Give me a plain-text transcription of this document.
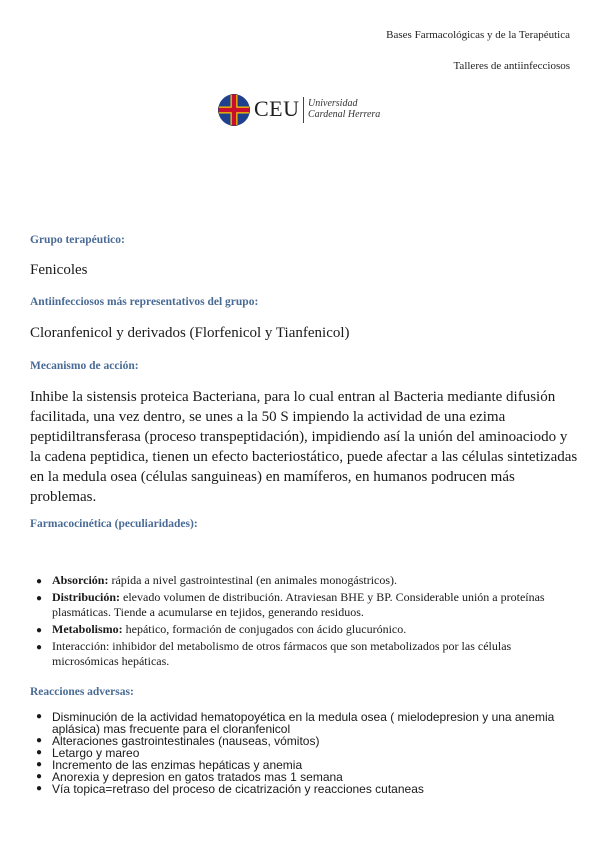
Bases Farmacológicas y de la Terapéutica
Talleres de antiinfecciosos
CEU Universidad
Cardenal Herrera
Grupo terapéutico:
Fenicoles
Antiinfecciosos más representativos del grupo:
Cloranfenicol y derivados (Florfenicol y Tianfenicol)
Mecanismo de acción:
Inhibe la sistensis proteica Bacteriana, para lo cual entran al Bacteria mediante difusión facilitada, una vez dentro, se unes a la 50 S impiendo la actividad de una ezima peptidiltransferasa (proceso transpeptidación), impidiendo así la unión del aminoaciodo y la cadena peptidica, tienen un efecto bacteriostático, puede afectar a las células sintetizadas en la medula osea (células sanguineas) en mamíferos, en humanos podrucen más problemas.
Farmacocinética (peculiaridades):
● Absorción: rápida a nivel gastrointestinal (en animales monogástricos).
● Distribución: elevado volumen de distribución. Atraviesan BHE y BP. Considerable unión a proteínas plasmáticas. Tiende a acumularse en tejidos, generando residuos.
● Metabolismo: hepático, formación de conjugados con ácido glucurónico.
● Interacción: inhibidor del metabolismo de otros fármacos que son metabolizados por las células microsómicas hepáticas.
Reacciones adversas:
● Disminución de la actividad hematopoyética en la medula osea ( mielodepresion y una anemia aplásica) mas frecuente para el cloranfenicol
● Alteraciones gastrointestinales (nauseas, vómitos)
● Letargo y mareo
● Incremento de las enzimas hepáticas y anemia
● Anorexia y depresion en gatos tratados mas 1 semana
● Vía topica=retraso del proceso de cicatrización y reacciones cutaneas
